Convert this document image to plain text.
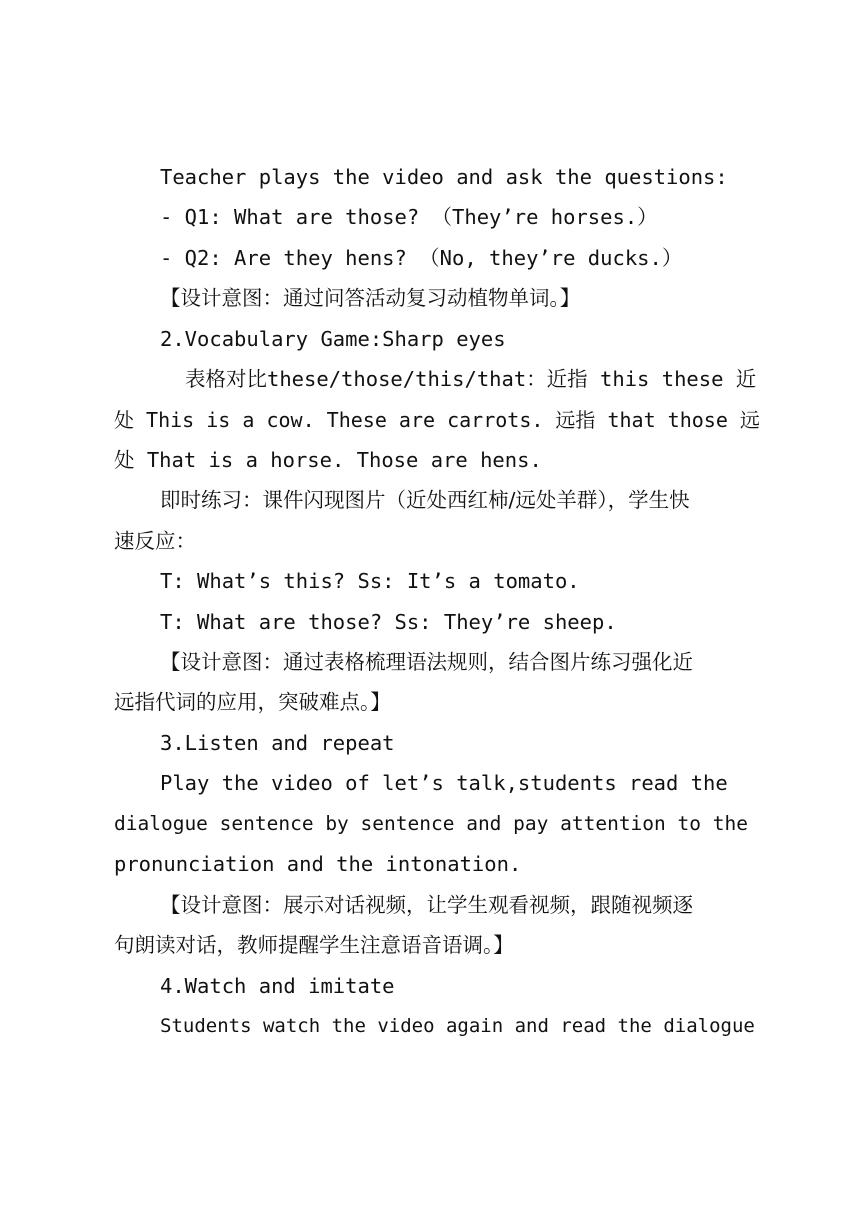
Teacher plays the video and ask the questions:
- Q1: What are those? （They’re horses.）
- Q2: Are they hens? （No, they’re ducks.）
【设计意图：通过问答活动复习动植物单词。】
2.Vocabulary Game:Sharp eyes
表格对比these/those/this/that：近指 this these 近
处 This is a cow. These are carrots. 远指 that those 远
处 That is a horse. Those are hens.
即时练习：课件闪现图片（近处西红柿/远处羊群），学生快
速反应：
T: What’s this? Ss: It’s a tomato.
T: What are those? Ss: They’re sheep.
【设计意图：通过表格梳理语法规则，结合图片练习强化近
远指代词的应用，突破难点。】
3.Listen and repeat
Play the video of let’s talk,students read the
dialogue sentence by sentence and pay attention to the
pronunciation and the intonation.
【设计意图：展示对话视频，让学生观看视频，跟随视频逐
句朗读对话，教师提醒学生注意语音语调。】
4.Watch and imitate
Students watch the video again and read the dialogue
